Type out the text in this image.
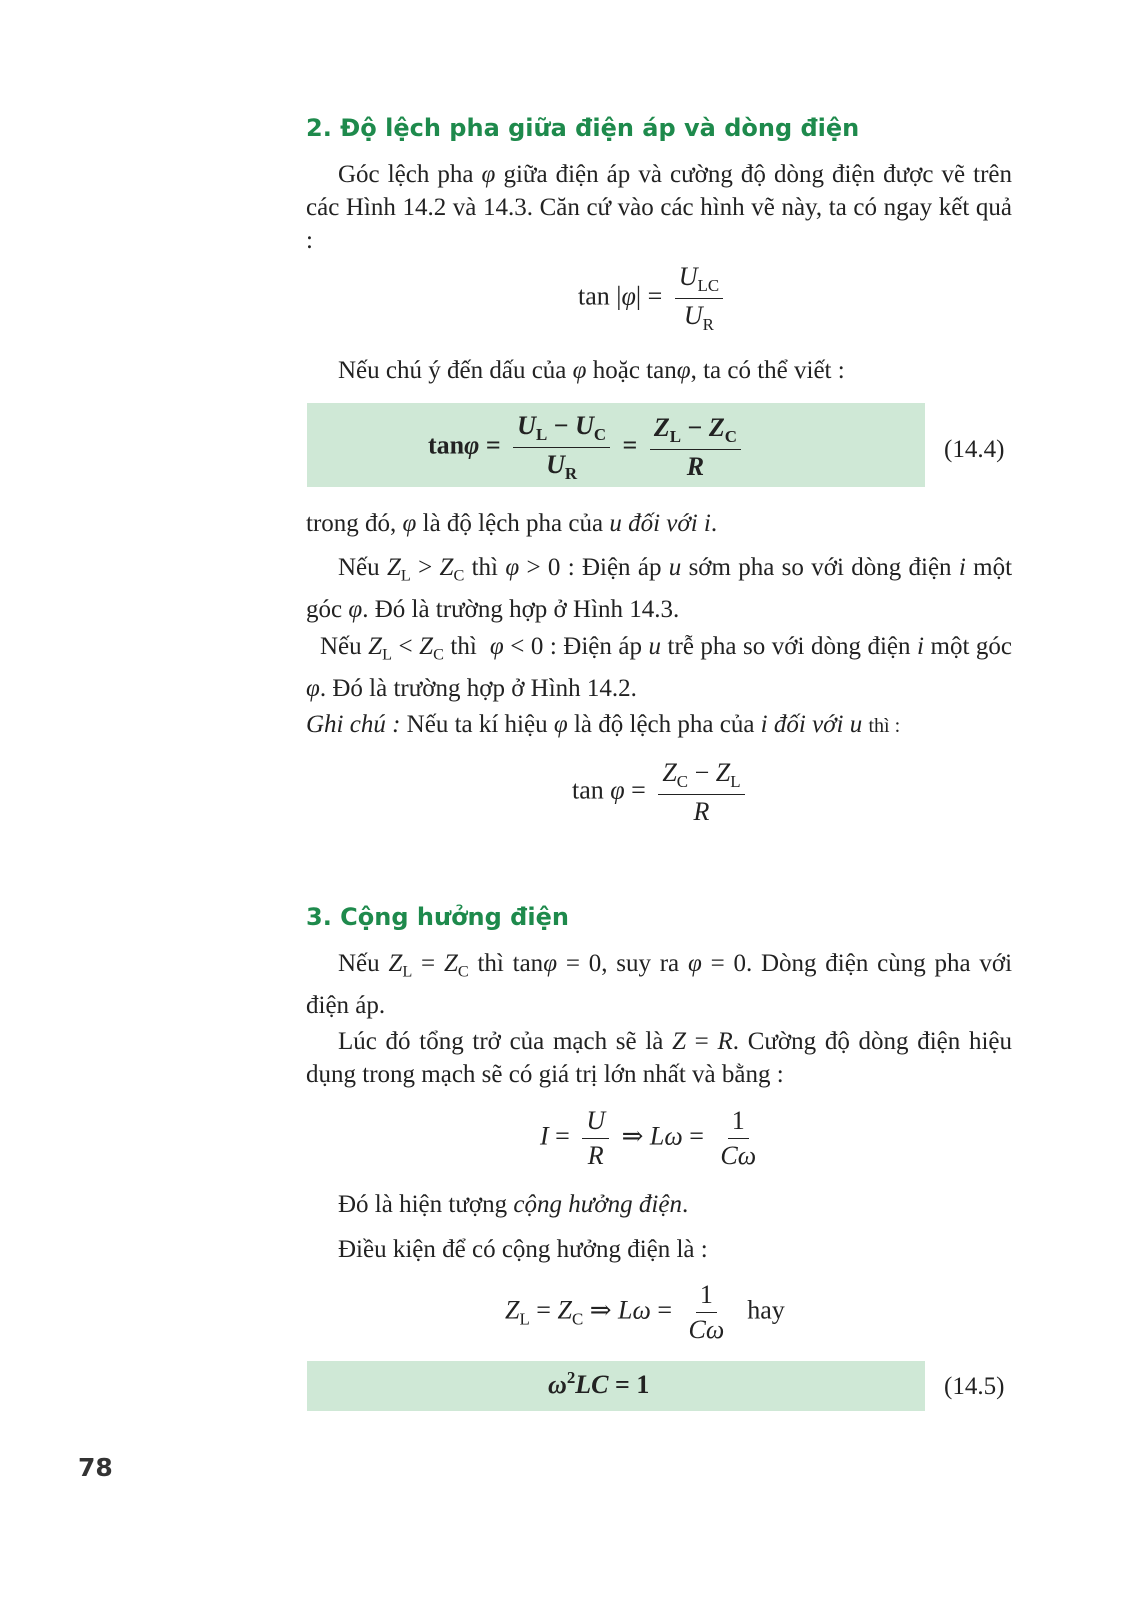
2. Độ lệch pha giữa điện áp và dòng điện
Góc lệch pha φ giữa điện áp và cường độ dòng điện được vẽ trên các Hình 14.2 và 14.3. Căn cứ vào các hình vẽ này, ta có ngay kết quả :
$\tan |\varphi| = \frac{U_{LC}}{U_R}$
Nếu chú ý đến dấu của φ hoặc tanφ, ta có thể viết :
$\tan\varphi = \frac{U_L - U_C}{U_R} = \frac{Z_L - Z_C}{R}$	(14.4)
trong đó, φ là độ lệch pha của u đối với i.
Nếu $Z_L > Z_C$ thì φ > 0 : Điện áp u sớm pha so với dòng điện i một góc φ. Đó là trường hợp ở Hình 14.3.
Nếu $Z_L < Z_C$ thì φ < 0 : Điện áp u trễ pha so với dòng điện i một góc φ. Đó là trường hợp ở Hình 14.2.
Ghi chú : Nếu ta kí hiệu φ là độ lệch pha của i đối với u thì :
$\tan \varphi = \frac{Z_C - Z_L}{R}$
3. Cộng hưởng điện
Nếu $Z_L = Z_C$ thì tanφ = 0, suy ra φ = 0. Dòng điện cùng pha với điện áp.
Lúc đó tổng trở của mạch sẽ là Z = R. Cường độ dòng điện hiệu dụng trong mạch sẽ có giá trị lớn nhất và bằng :
$I = \frac{U}{R}$ ⇒ $L\omega = \frac{1}{C\omega}$
Đó là hiện tượng cộng hưởng điện.
Điều kiện để có cộng hưởng điện là :
$Z_L = Z_C$ ⇒ $L\omega = \frac{1}{C\omega}$ hay
$\omega^2LC = 1$	(14.5)
78
